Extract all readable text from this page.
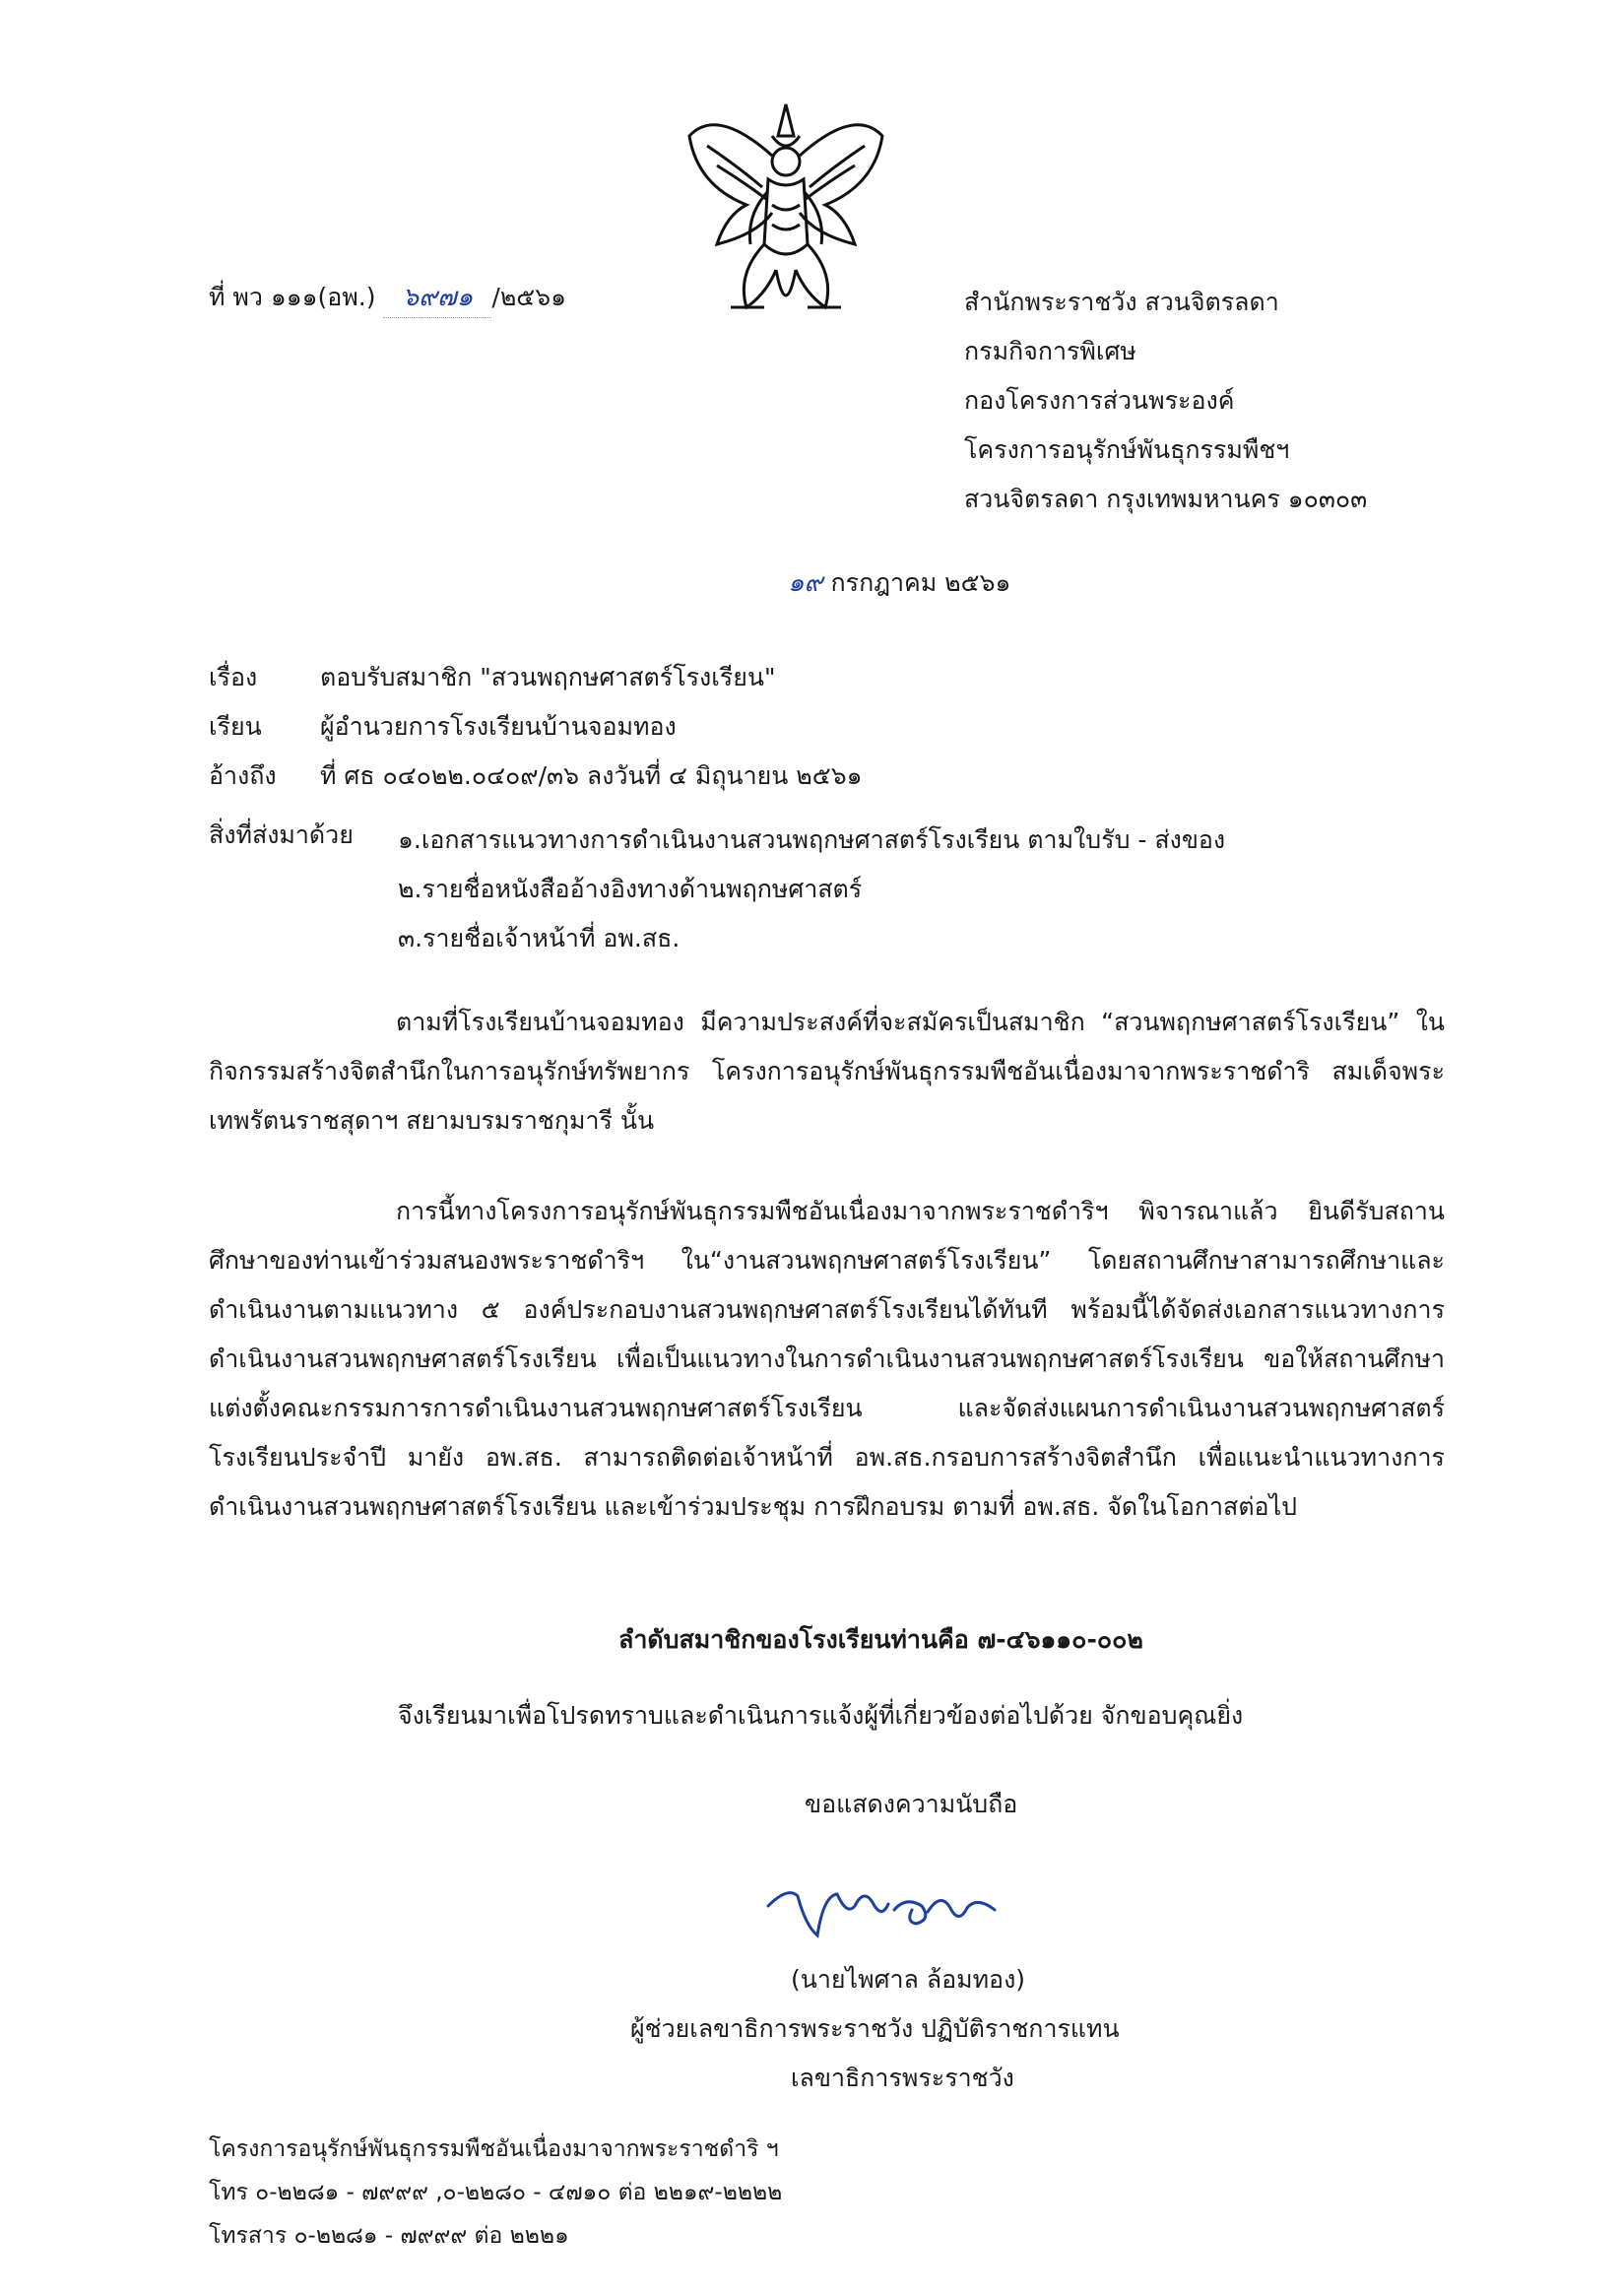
ที่ พว ๑๑๑(อพ.) ๖๙๗๑ /๒๕๖๑	สำนักพระราชวัง สวนจิตรลดา
กรมกิจการพิเศษ
กองโครงการส่วนพระองค์
โครงการอนุรักษ์พันธุกรรมพืชฯ
สวนจิตรลดา กรุงเทพมหานคร ๑๐๓๐๓
๑๙ กรกฎาคม ๒๕๖๑
เรื่อง	ตอบรับสมาชิก "สวนพฤกษศาสตร์โรงเรียน"
เรียน ผู้อำนวยการโรงเรียนบ้านจอมทอง
อ้างถึง ที่ ศธ ๐๔๐๒๒.๐๔๐๙/๓๖ ลงวันที่ ๔ มิถุนายน ๒๕๖๑
สิ่งที่ส่งมาด้วย ๑.เอกสารแนวทางการดำเนินงานสวนพฤกษศาสตร์โรงเรียน ตามใบรับ - ส่งของ
๒.รายชื่อหนังสืออ้างอิงทางด้านพฤกษศาสตร์
๓.รายชื่อเจ้าหน้าที่ อพ.สธ.
ตามที่โรงเรียนบ้านจอมทอง มีความประสงค์ที่จะสมัครเป็นสมาชิก “สวนพฤกษศาสตร์โรงเรียน” ในกิจกรรมสร้างจิตสำนึกในการอนุรักษ์ทรัพยากร โครงการอนุรักษ์พันธุกรรมพืชอันเนื่องมาจากพระราชดำริ สมเด็จพระเทพรัตนราชสุดาฯ สยามบรมราชกุมารี นั้น
การนี้ทางโครงการอนุรักษ์พันธุกรรมพืชอันเนื่องมาจากพระราชดำริฯ พิจารณาแล้ว ยินดีรับสถานศึกษาของท่านเข้าร่วมสนองพระราชดำริฯ ใน“งานสวนพฤกษศาสตร์โรงเรียน” โดยสถานศึกษาสามารถศึกษาและดำเนินงานตามแนวทาง ๕ องค์ประกอบงานสวนพฤกษศาสตร์โรงเรียนได้ทันที พร้อมนี้ได้จัดส่งเอกสารแนวทางการดำเนินงานสวนพฤกษศาสตร์โรงเรียน เพื่อเป็นแนวทางในการดำเนินงานสวนพฤกษศาสตร์โรงเรียน ขอให้สถานศึกษาแต่งตั้งคณะกรรมการการดำเนินงานสวนพฤกษศาสตร์โรงเรียน และจัดส่งแผนการดำเนินงานสวนพฤกษศาสตร์โรงเรียนประจำปี มายัง อพ.สธ. สามารถติดต่อเจ้าหน้าที่ อพ.สธ.กรอบการสร้างจิตสำนึก เพื่อแนะนำแนวทางการดำเนินงานสวนพฤกษศาสตร์โรงเรียน และเข้าร่วมประชุม การฝึกอบรม ตามที่ อพ.สธ. จัดในโอกาสต่อไป
ลำดับสมาชิกของโรงเรียนท่านคือ ๗-๔๖๑๑๐-๐๐๒
จึงเรียนมาเพื่อโปรดทราบและดำเนินการแจ้งผู้ที่เกี่ยวข้องต่อไปด้วย จักขอบคุณยิ่ง
ขอแสดงความนับถือ
(นายไพศาล ล้อมทอง)
ผู้ช่วยเลขาธิการพระราชวัง ปฏิบัติราชการแทน
เลขาธิการพระราชวัง
โครงการอนุรักษ์พันธุกรรมพืชอันเนื่องมาจากพระราชดำริ ฯ
โทร ๐-๒๒๘๑ - ๗๙๙๙ ,๐-๒๒๘๐ - ๔๗๑๐ ต่อ ๒๒๑๙-๒๒๒๒
โทรสาร ๐-๒๒๘๑ - ๗๙๙๙ ต่อ ๒๒๒๑
